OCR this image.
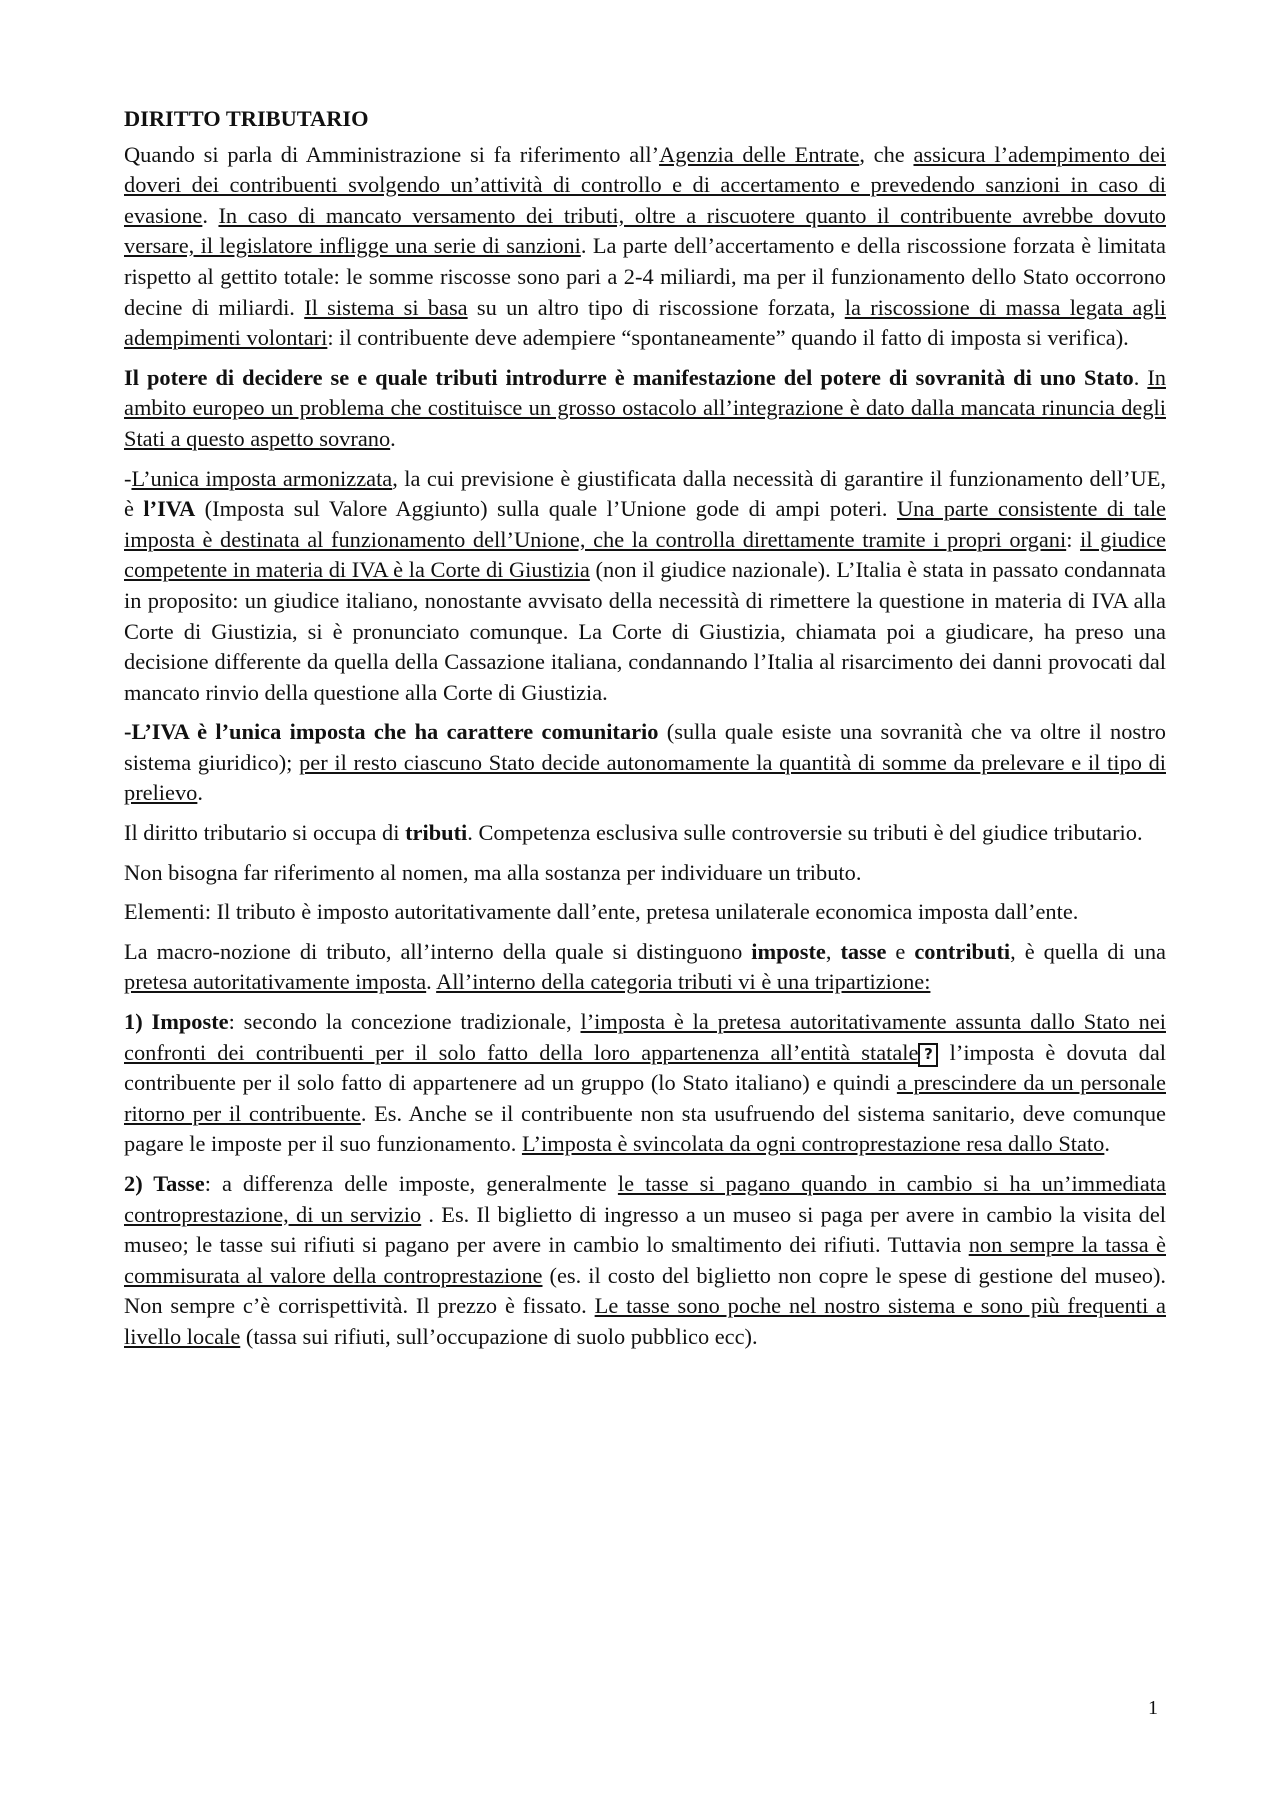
DIRITTO TRIBUTARIO

Quando si parla di Amministrazione si fa riferimento all’Agenzia delle Entrate, che assicura l’adempimento dei doveri dei contribuenti svolgendo un’attività di controllo e di accertamento e prevedendo sanzioni in caso di evasione. In caso di mancato versamento dei tributi, oltre a riscuotere quanto il contribuente avrebbe dovuto versare, il legislatore infligge una serie di sanzioni. La parte dell’accertamento e della riscossione forzata è limitata rispetto al gettito totale: le somme riscosse sono pari a 2-4 miliardi, ma per il funzionamento dello Stato occorrono decine di miliardi. Il sistema si basa su un altro tipo di riscossione forzata, la riscossione di massa legata agli adempimenti volontari: il contribuente deve adempiere “spontaneamente” quando il fatto di imposta si verifica).

Il potere di decidere se e quale tributi introdurre è manifestazione del potere di sovranità di uno Stato. In ambito europeo un problema che costituisce un grosso ostacolo all’integrazione è dato dalla mancata rinuncia degli Stati a questo aspetto sovrano.

-L’unica imposta armonizzata, la cui previsione è giustificata dalla necessità di garantire il funzionamento dell’UE, è l’IVA (Imposta sul Valore Aggiunto) sulla quale l’Unione gode di ampi poteri. Una parte consistente di tale imposta è destinata al funzionamento dell’Unione, che la controlla direttamente tramite i propri organi: il giudice competente in materia di IVA è la Corte di Giustizia (non il giudice nazionale). L’Italia è stata in passato condannata in proposito: un giudice italiano, nonostante avvisato della necessità di rimettere la questione in materia di IVA alla Corte di Giustizia, si è pronunciato comunque. La Corte di Giustizia, chiamata poi a giudicare, ha preso una decisione differente da quella della Cassazione italiana, condannando l’Italia al risarcimento dei danni provocati dal mancato rinvio della questione alla Corte di Giustizia.

-L’IVA è l’unica imposta che ha carattere comunitario (sulla quale esiste una sovranità che va oltre il nostro sistema giuridico); per il resto ciascuno Stato decide autonomamente la quantità di somme da prelevare e il tipo di prelievo.

Il diritto tributario si occupa di tributi. Competenza esclusiva sulle controversie su tributi è del giudice tributario.

Non bisogna far riferimento al nomen, ma alla sostanza per individuare un tributo.

Elementi: Il tributo è imposto autoritativamente dall’ente, pretesa unilaterale economica imposta dall’ente.

La macro-nozione di tributo, all’interno della quale si distinguono imposte, tasse e contributi, è quella di una pretesa autoritativamente imposta. All’interno della categoria tributi vi è una tripartizione:

1) Imposte: secondo la concezione tradizionale, l’imposta è la pretesa autoritativamente assunta dallo Stato nei confronti dei contribuenti per il solo fatto della loro appartenenza all’entità statale ? l’imposta è dovuta dal contribuente per il solo fatto di appartenere ad un gruppo (lo Stato italiano) e quindi a prescindere da un personale ritorno per il contribuente. Es. Anche se il contribuente non sta usufruendo del sistema sanitario, deve comunque pagare le imposte per il suo funzionamento. L’imposta è svincolata da ogni controprestazione resa dallo Stato.

2) Tasse: a differenza delle imposte, generalmente le tasse si pagano quando in cambio si ha un’immediata controprestazione, di un servizio . Es. Il biglietto di ingresso a un museo si paga per avere in cambio la visita del museo; le tasse sui rifiuti si pagano per avere in cambio lo smaltimento dei rifiuti. Tuttavia non sempre la tassa è commisurata al valore della controprestazione (es. il costo del biglietto non copre le spese di gestione del museo). Non sempre c’è corrispettività. Il prezzo è fissato. Le tasse sono poche nel nostro sistema e sono più frequenti a livello locale (tassa sui rifiuti, sull’occupazione di suolo pubblico ecc).

1
